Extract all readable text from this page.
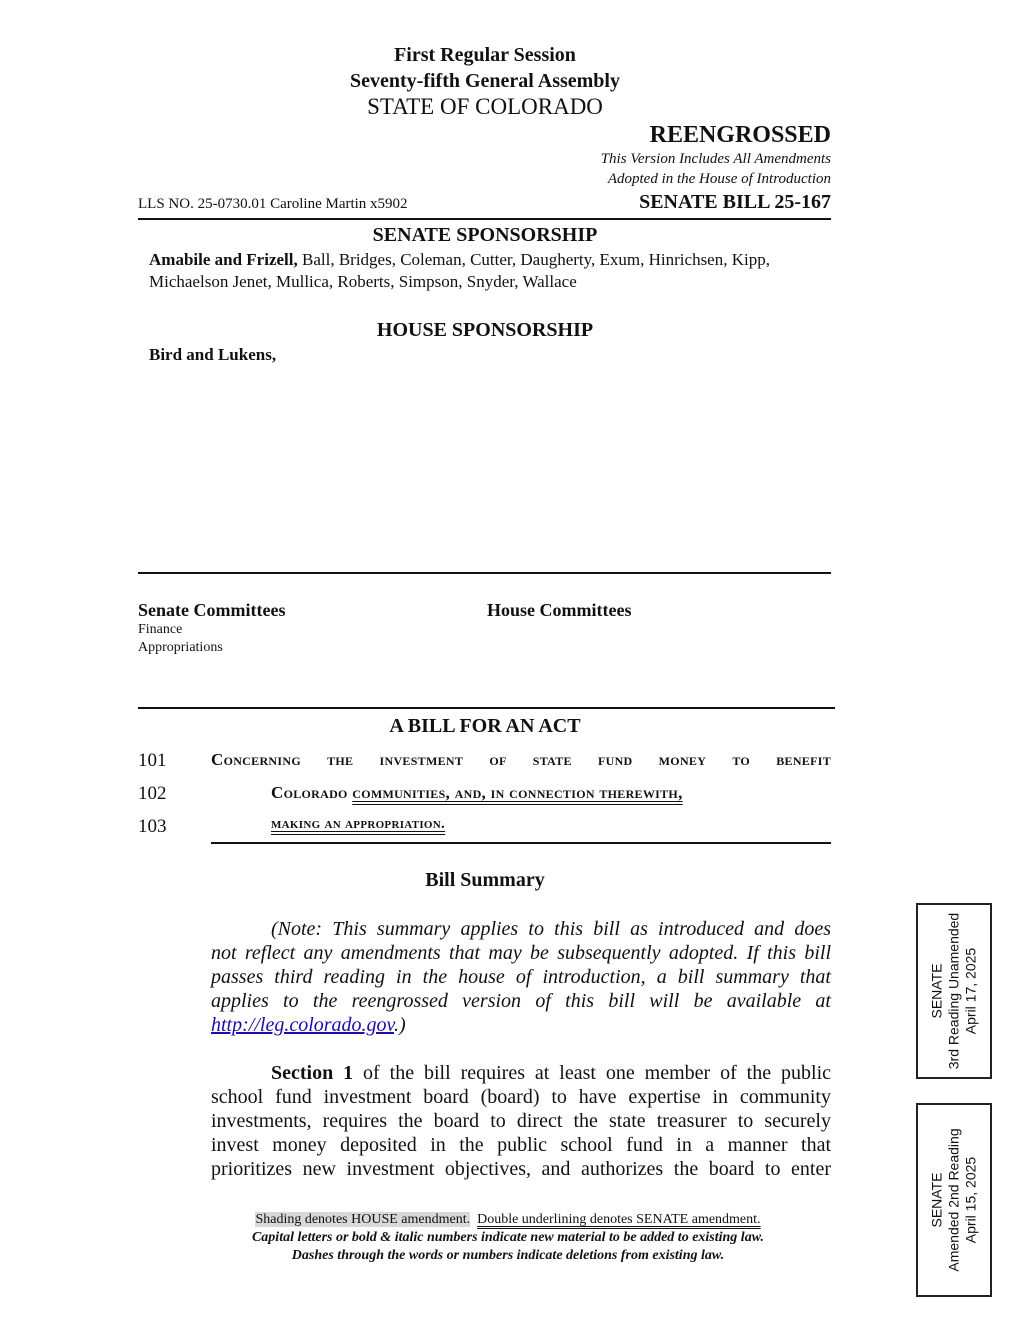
First Regular Session
Seventy-fifth General Assembly
STATE OF COLORADO
REENGROSSED
This Version Includes All Amendments
Adopted in the House of Introduction
LLS NO. 25-0730.01 Caroline Martin x5902	SENATE BILL 25-167
SENATE SPONSORSHIP
Amabile and Frizell, Ball, Bridges, Coleman, Cutter, Daugherty, Exum, Hinrichsen, Kipp,
Michaelson Jenet, Mullica, Roberts, Simpson, Snyder, Wallace
HOUSE SPONSORSHIP
Bird and Lukens,
Senate Committees
Finance
Appropriations
House Committees
A BILL FOR AN ACT
101	Concerning the investment of state fund money to benefit
102	Colorado communities, and, in connection therewith,
103	making an appropriation.
Bill Summary
(Note: This summary applies to this bill as introduced and does
not reflect any amendments that may be subsequently adopted. If this bill
passes third reading in the house of introduction, a bill summary that
applies to the reengrossed version of this bill will be available at
http://leg.colorado.gov.)
Section 1 of the bill requires at least one member of the public
school fund investment board (board) to have expertise in community
investments, requires the board to direct the state treasurer to securely
invest money deposited in the public school fund in a manner that
prioritizes new investment objectives, and authorizes the board to enter
Shading denotes HOUSE amendment. Double underlining denotes SENATE amendment.
Capital letters or bold & italic numbers indicate new material to be added to existing law.
Dashes through the words or numbers indicate deletions from existing law.
SENATE 3rd Reading Unamended April 17, 2025
SENATE Amended 2nd Reading April 15, 2025
